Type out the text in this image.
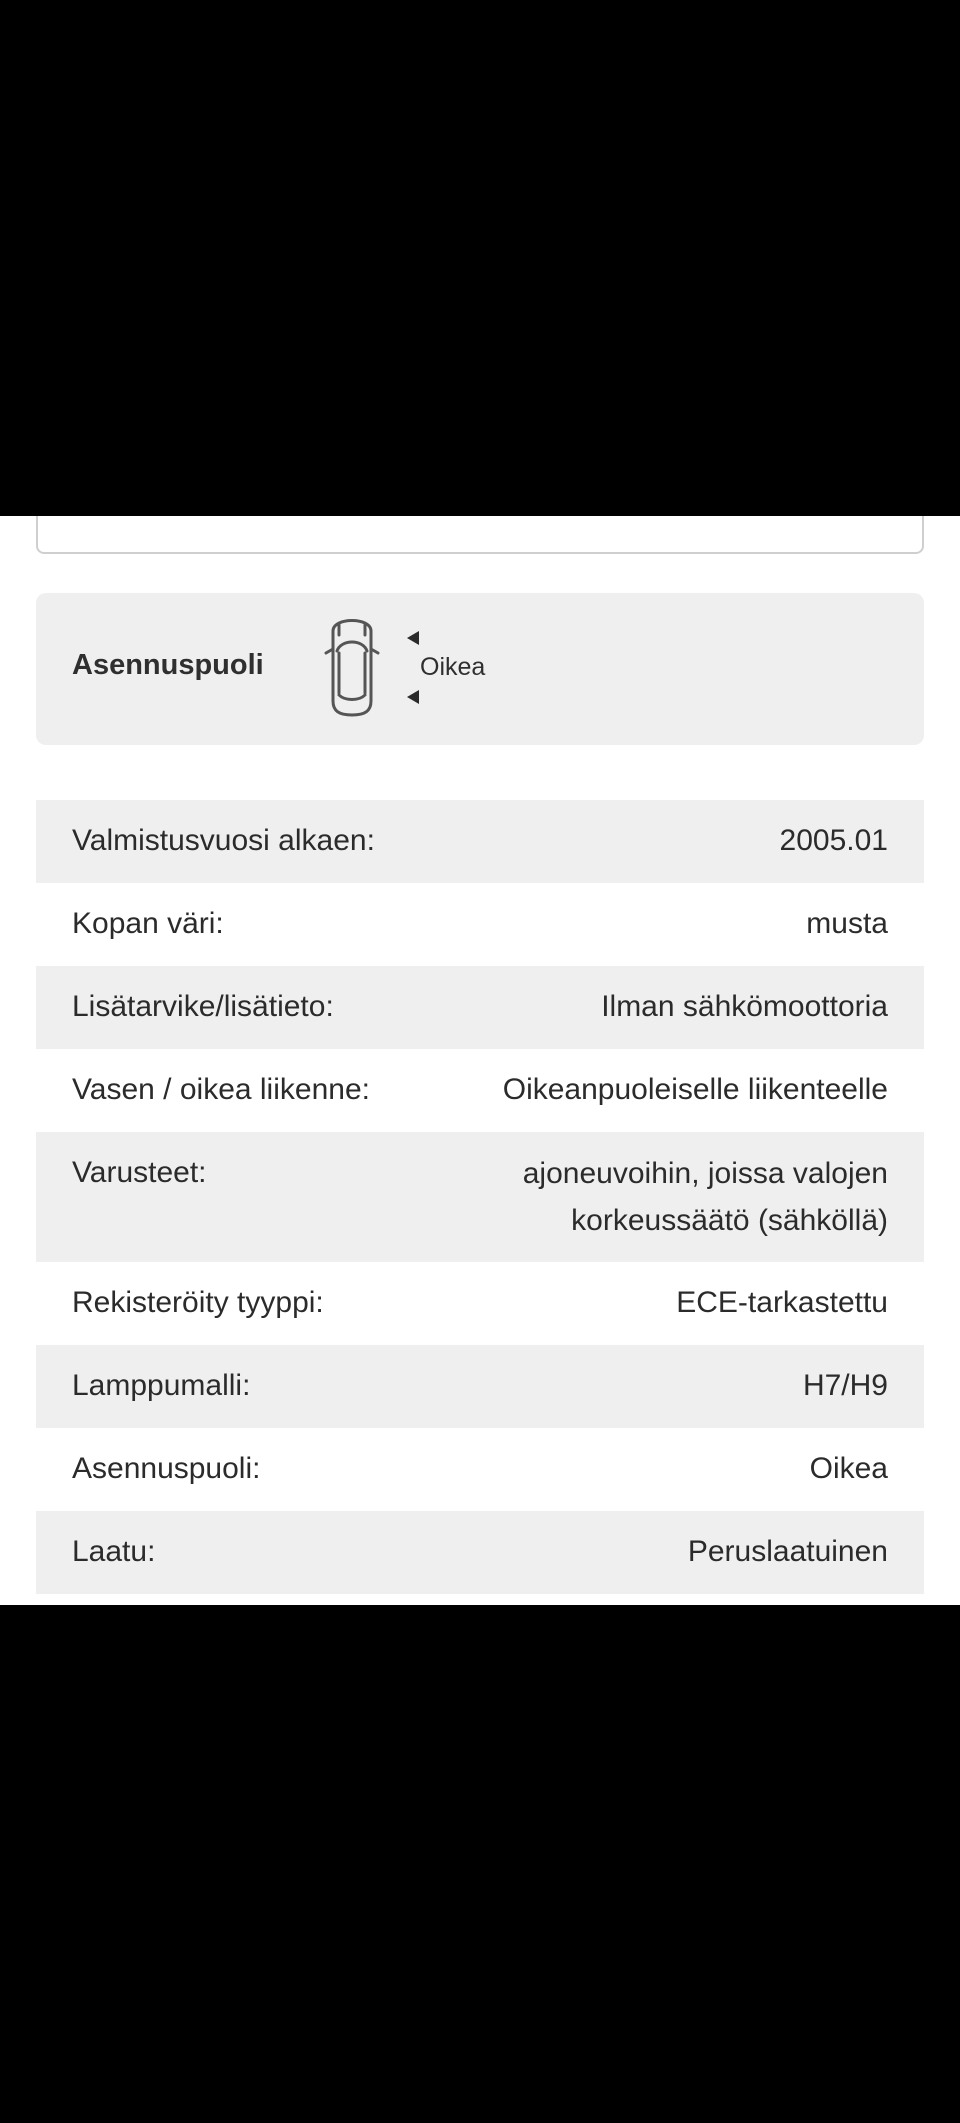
Asennuspuoli	Oikea
Valmistusvuosi alkaen:	2005.01
Kopan väri:	musta
Lisätarvike/lisätieto:	Ilman sähkömoottoria
Vasen / oikea liikenne:	Oikeanpuoleiselle liikenteelle
Varusteet:	ajoneuvoihin, joissa valojen korkeussäätö (sähköllä)
Rekisteröity tyyppi:	ECE-tarkastettu
Lamppumalli:	H7/H9
Asennuspuoli:	Oikea
Laatu:	Peruslaatuinen
